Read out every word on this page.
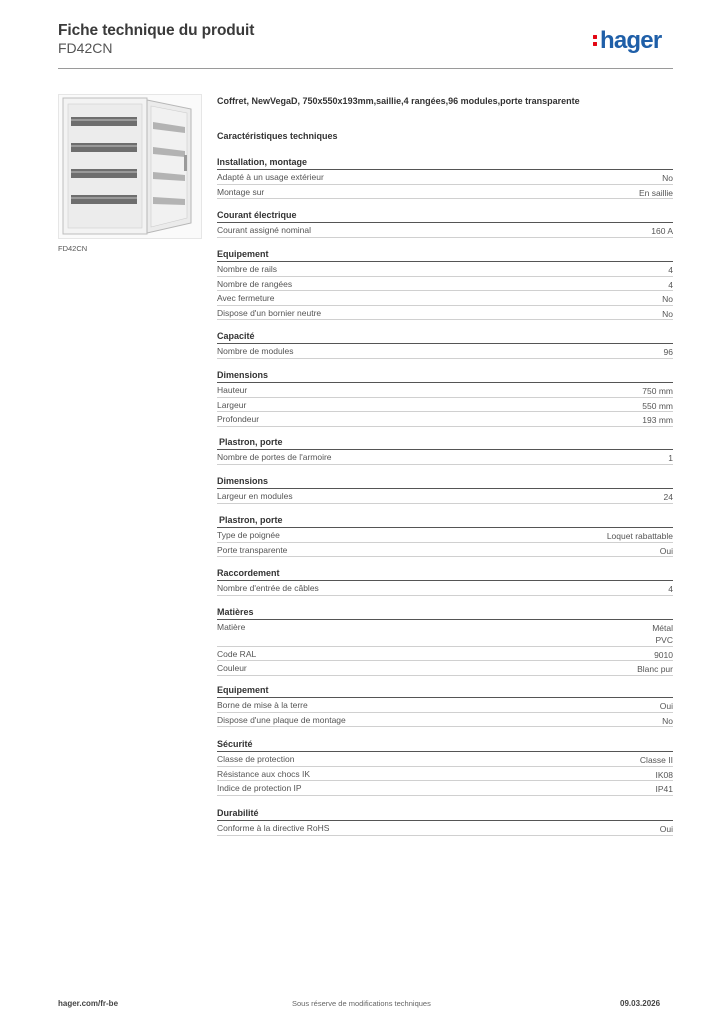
Fiche technique du produit
FD42CN	hager
FD42CN
Coffret, NewVegaD, 750x550x193mm,saillie,4 rangées,96 modules,porte transparente
Caractéristiques techniques
Installation, montage
Adapté à un usage extérieur	No
Montage sur	En saillie
Courant électrique
Courant assigné nominal	160 A
Equipement
Nombre de rails	4
Nombre de rangées	4
Avec fermeture	No
Dispose d'un bornier neutre	No
Capacité
Nombre de modules	96
Dimensions
Hauteur	750 mm
Largeur	550 mm
Profondeur	193 mm
Plastron, porte
Nombre de portes de l'armoire	1
Dimensions
Largeur en modules	24
Plastron, porte
Type de poignée	Loquet rabattable
Porte transparente	Oui
Raccordement
Nombre d'entrée de câbles	4
Matières
Matière	Métal
PVC
Code RAL	9010
Couleur	Blanc pur
Equipement
Borne de mise à la terre	Oui
Dispose d'une plaque de montage	No
Sécurité
Classe de protection	Classe II
Résistance aux chocs IK	IK08
Indice de protection IP	IP41
Durabilité
Conforme à la directive RoHS	Oui
hager.com/fr-be	Sous réserve de modifications techniques	09.03.2026
